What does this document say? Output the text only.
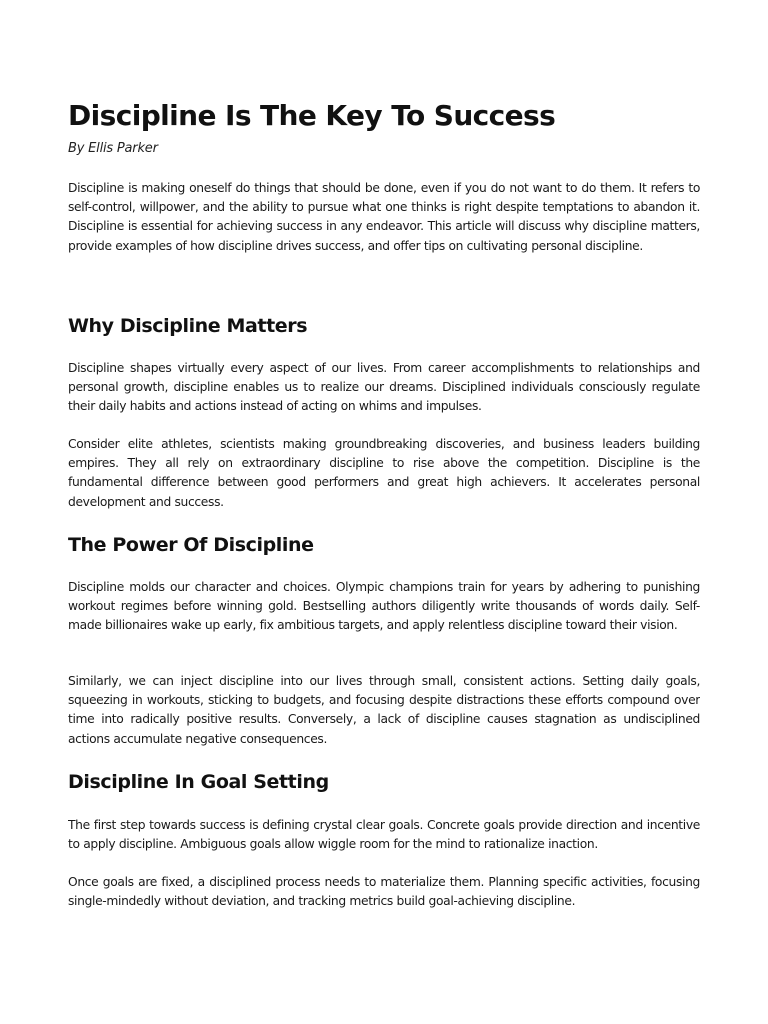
Discipline Is The Key To Success

By Ellis Parker

Discipline is making oneself do things that should be done, even if you do not want to do them. It refers to self-control, willpower, and the ability to pursue what one thinks is right despite temptations to abandon it. Discipline is essential for achieving success in any endeavor. This article will discuss why discipline matters, provide examples of how discipline drives success, and offer tips on cultivating personal discipline.

Why Discipline Matters

Discipline shapes virtually every aspect of our lives. From career accomplishments to relationships and personal growth, discipline enables us to realize our dreams. Disciplined individuals consciously regulate their daily habits and actions instead of acting on whims and impulses.

Consider elite athletes, scientists making groundbreaking discoveries, and business leaders building empires. They all rely on extraordinary discipline to rise above the competition. Discipline is the fundamental difference between good performers and great high achievers. It accelerates personal development and success.

The Power Of Discipline

Discipline molds our character and choices. Olympic champions train for years by adhering to punishing workout regimes before winning gold. Bestselling authors diligently write thousands of words daily. Self-made billionaires wake up early, fix ambitious targets, and apply relentless discipline toward their vision.

Similarly, we can inject discipline into our lives through small, consistent actions. Setting daily goals, squeezing in workouts, sticking to budgets, and focusing despite distractions these efforts compound over time into radically positive results. Conversely, a lack of discipline causes stagnation as undisciplined actions accumulate negative consequences.

Discipline In Goal Setting

The first step towards success is defining crystal clear goals. Concrete goals provide direction and incentive to apply discipline. Ambiguous goals allow wiggle room for the mind to rationalize inaction.

Once goals are fixed, a disciplined process needs to materialize them. Planning specific activities, focusing single-mindedly without deviation, and tracking metrics build goal-achieving discipline.
